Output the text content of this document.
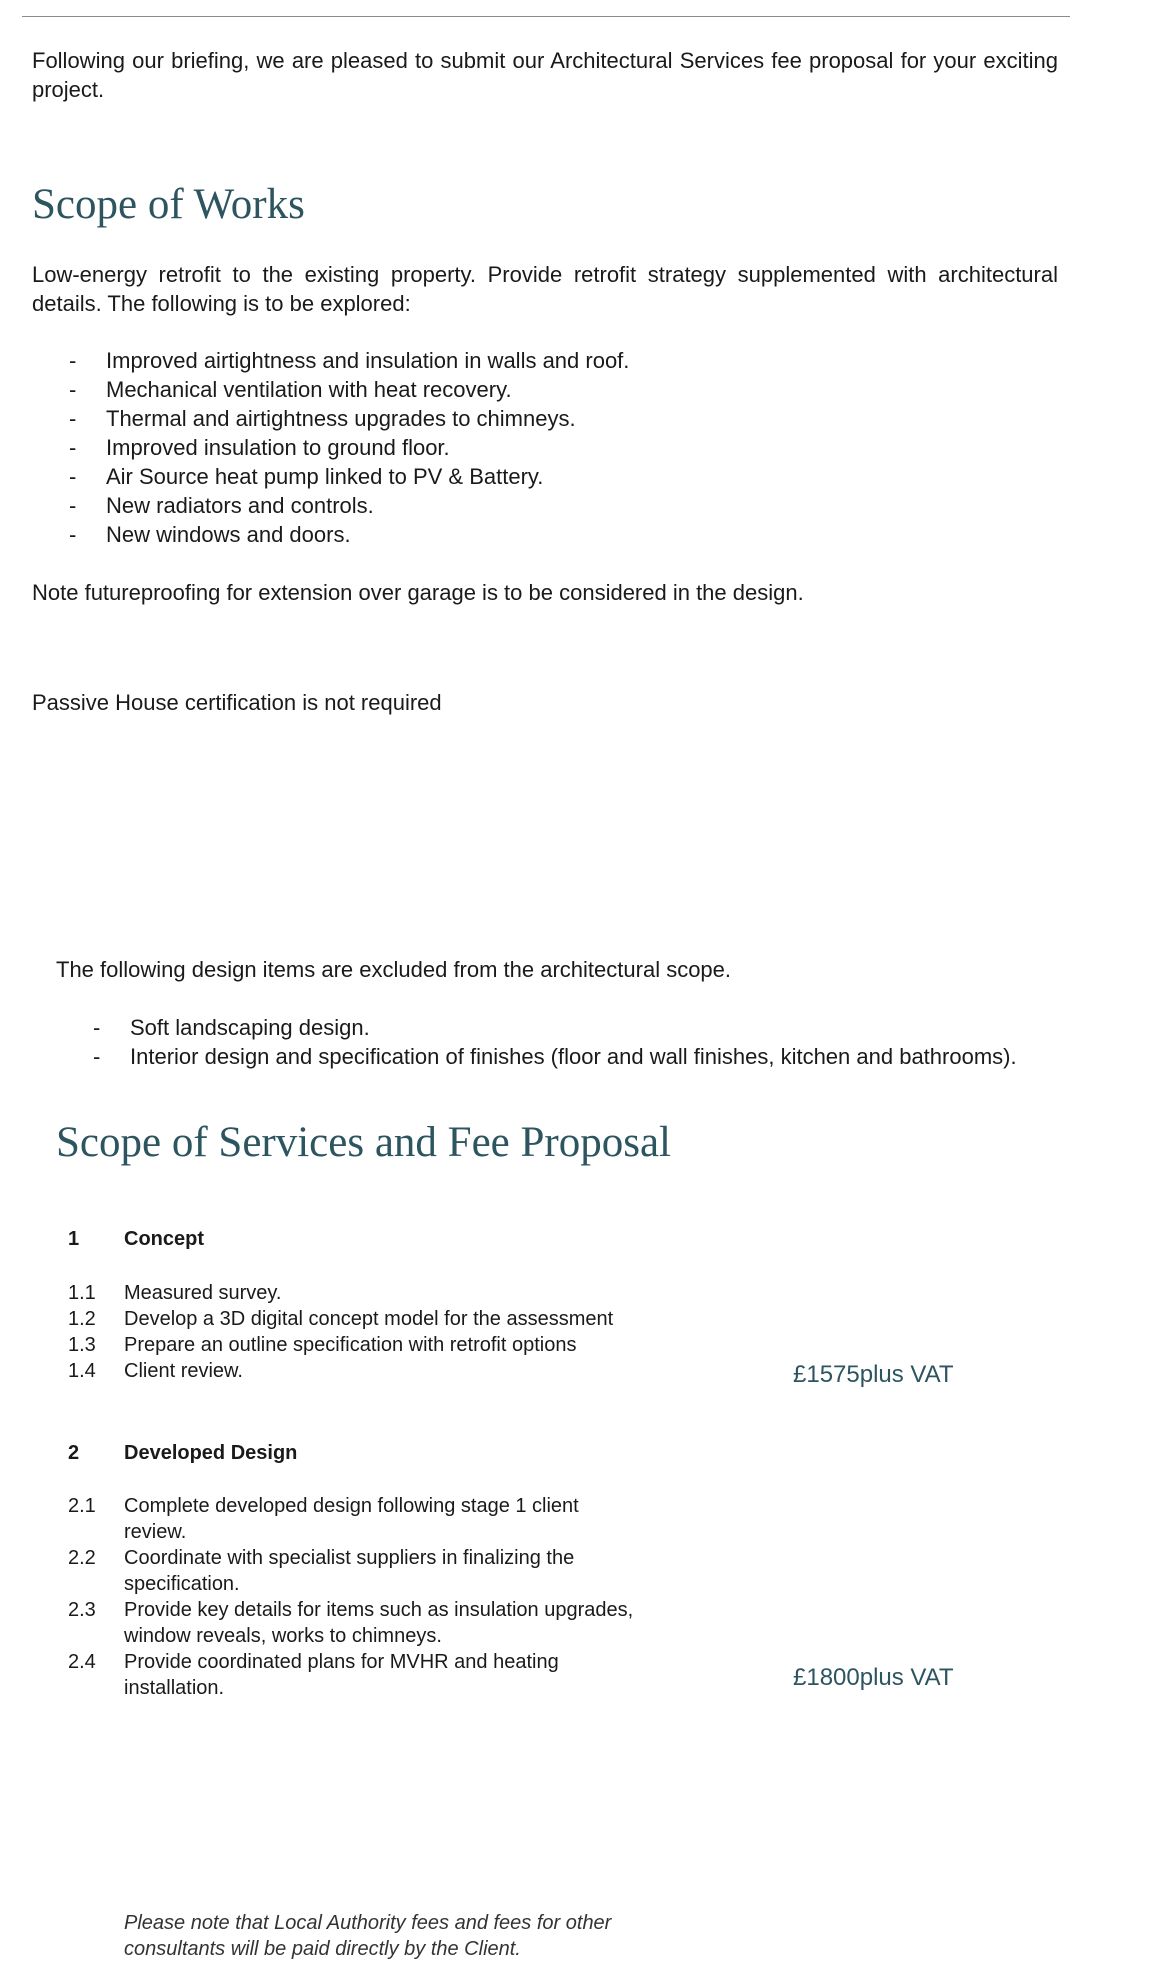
Following our briefing, we are pleased to submit our Architectural Services fee proposal for your exciting project.

Scope of Works

Low-energy retrofit to the existing property. Provide retrofit strategy supplemented with architectural details. The following is to be explored:

- Improved airtightness and insulation in walls and roof.
- Mechanical ventilation with heat recovery.
- Thermal and airtightness upgrades to chimneys.
- Improved insulation to ground floor.
- Air Source heat pump linked to PV & Battery.
- New radiators and controls.
- New windows and doors.

Note futureproofing for extension over garage is to be considered in the design.

Passive House certification is not required

The following design items are excluded from the architectural scope.

- Soft landscaping design.
- Interior design and specification of finishes (floor and wall finishes, kitchen and bathrooms).
Scope of Services and Fee Proposal
1	Concept
1.1	Measured survey.
1.2	Develop a 3D digital concept model for the assessment
1.3	Prepare an outline specification with retrofit options
1.4	Client review.	£1575plus VAT
2	Developed Design
2.1	Complete developed design following stage 1 client review.
2.2	Coordinate with specialist suppliers in finalizing the specification.
2.3	Provide key details for items such as insulation upgrades, window reveals, works to chimneys.
2.4	Provide coordinated plans for MVHR and heating installation.	£1800plus VAT

Please note that Local Authority fees and fees for other consultants will be paid directly by the Client.
